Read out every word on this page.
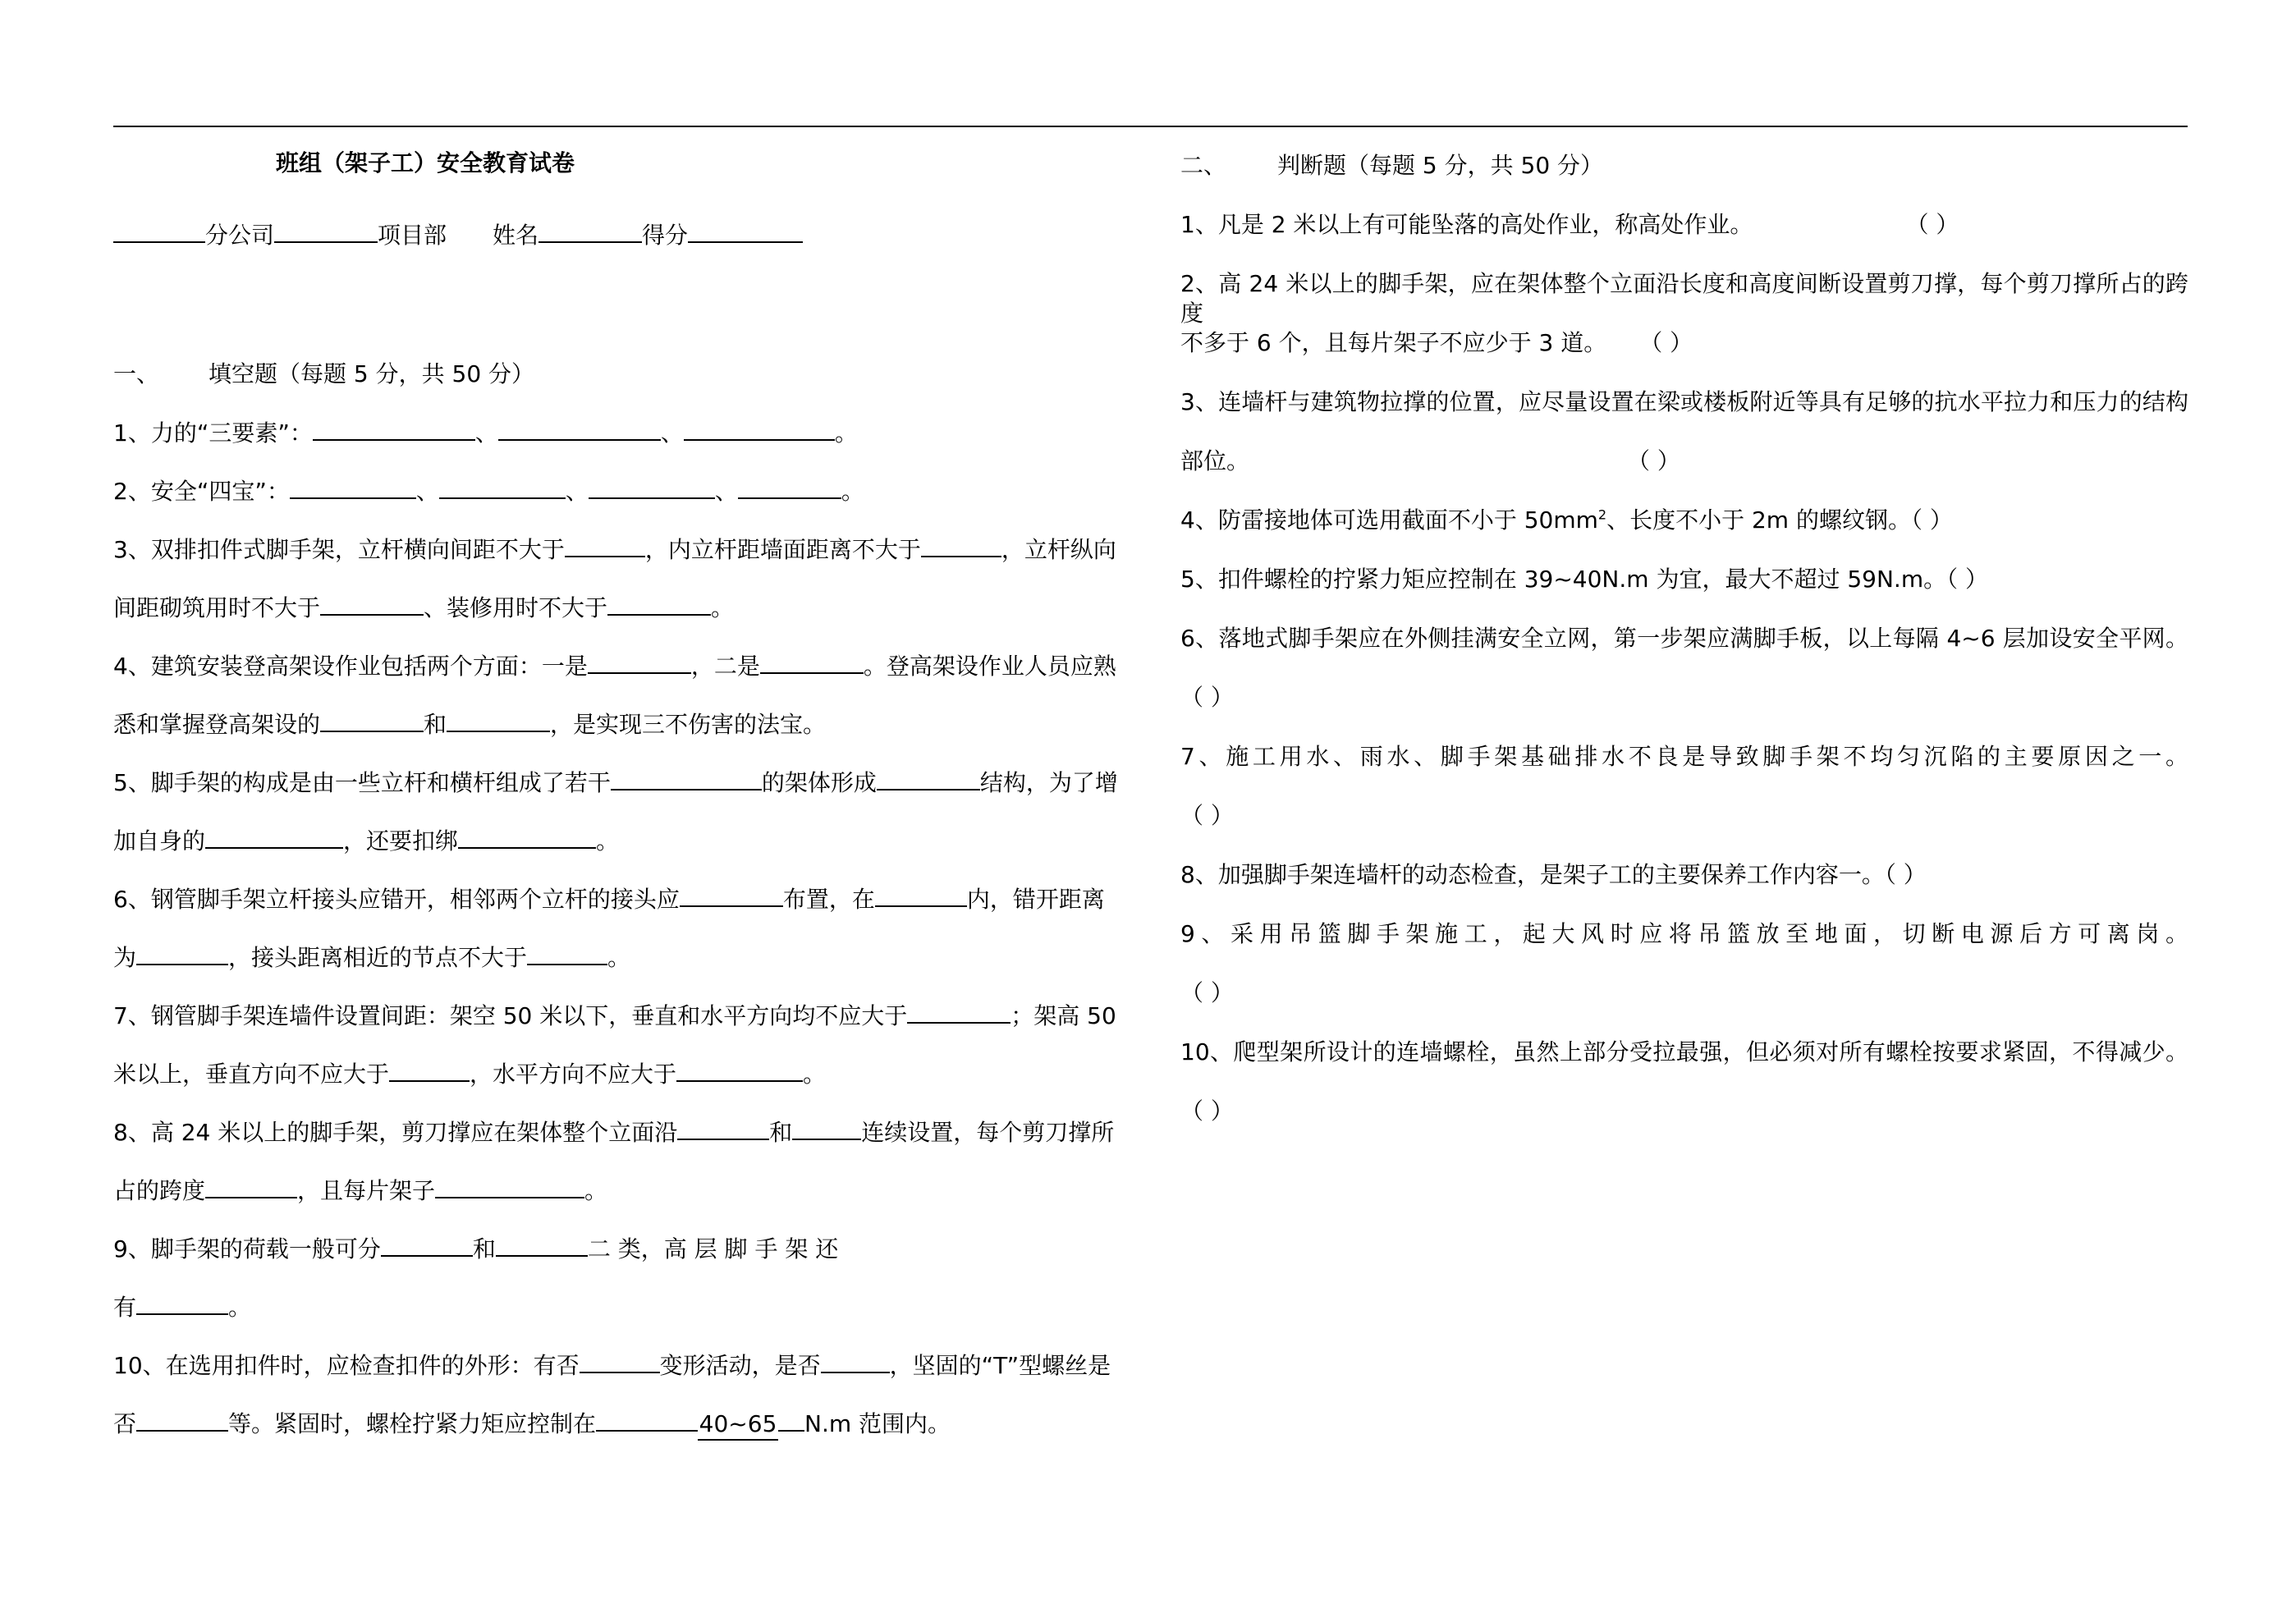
班组（架子工）安全教育试卷
分公司	项目部 姓名	得分
一、 填空题（每题 5 分，共 50 分）
1、力的“三要素”：	、	、	。
2、安全“四宝”：	、	、	、	。
3、双排扣件式脚手架，立杆横向间距不大于	，内立杆距墙面距离不大于	，立杆纵向
间距砌筑用时不大于	、装修用时不大于	。
4、建筑安装登高架设作业包括两个方面：一是	，二是	。登高架设作业人员应熟
悉和掌握登高架设的	和	，是实现三不伤害的法宝。
5、脚手架的构成是由一些立杆和横杆组成了若干	的架体形成	结构，为了增
加自身的	，还要扣绑	。
6、钢管脚手架立杆接头应错开，相邻两个立杆的接头应	布置，在	内，错开距离
为	，接头距离相近的节点不大于	。
7、钢管脚手架连墙件设置间距：架空 50 米以下，垂直和水平方向均不应大于	；架高 50
米以上，垂直方向不应大于	，水平方向不应大于	。
8、高 24 米以上的脚手架，剪刀撑应在架体整个立面沿	和	连续设置，每个剪刀撑所
占的跨度	，且每片架子	。
9、脚手架的荷载一般可分	和	二 类，高 层 脚 手 架 还
有	。
10、在选用扣件时，应检查扣件的外形：有否	变形活动，是否	，坚固的“T”型螺丝是
否	等。紧固时，螺栓拧紧力矩应控制在	40~65 N.m 范围内。
二、 判断题（每题 5 分，共 50 分）
1、凡是 2 米以上有可能坠落的高处作业，称高处作业。	（ ）
2、高 24 米以上的脚手架，应在架体整个立面沿长度和高度间断设置剪刀撑，每个剪刀撑所占的跨度
不多于 6 个，且每片架子不应少于 3 道。 （ ）
3、连墙杆与建筑物拉撑的位置，应尽量设置在梁或楼板附近等具有足够的抗水平拉力和压力的结构
部位。	（ ）
4、防雷接地体可选用截面不小于 $50mm^2$、长度不小于 2m 的螺纹钢。（ ）
5、扣件螺栓的拧紧力矩应控制在 39~40N.m 为宜，最大不超过 59N.m。（ ）
6、落地式脚手架应在外侧挂满安全立网，第一步架应满脚手板，以上每隔 4~6 层加设安全平网。
（ ）
7、施工用水、雨水、脚手架基础排水不良是导致脚手架不均匀沉陷的主要原因之一。
（ ）
8、加强脚手架连墙杆的动态检查，是架子工的主要保养工作内容一。（ ）
9、采用吊篮脚手架施工，起大风时应将吊篮放至地面，切断电源后方可离岗。
（ ）
10、爬型架所设计的连墙螺栓，虽然上部分受拉最强，但必须对所有螺栓按要求紧固，不得减少。
（ ）
